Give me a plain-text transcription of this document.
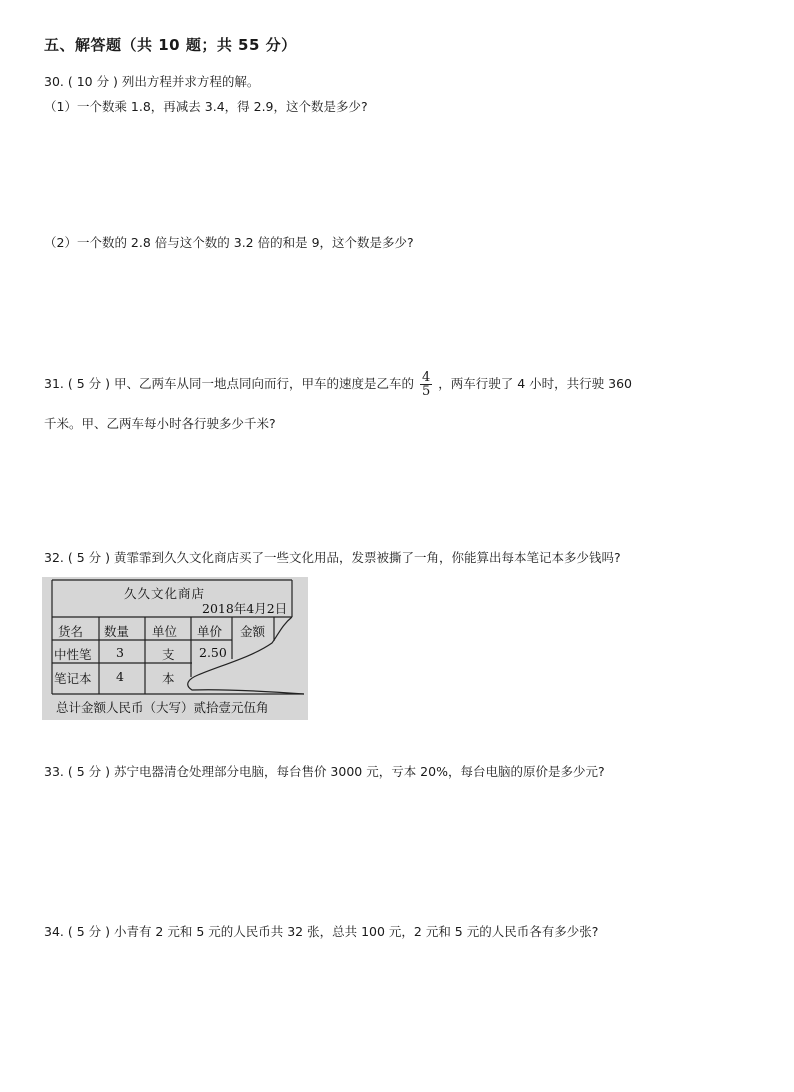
五、解答题（共 10 题；共 55 分）
30. ( 10 分 ) 列出方程并求方程的解。
（1）一个数乘 1.8，再减去 3.4，得 2.9，这个数是多少?
（2）一个数的 2.8 倍与这个数的 3.2 倍的和是 9，这个数是多少?
31. ( 5 分 ) 甲、乙两车从同一地点同向而行，甲车的速度是乙车的 $\frac{4}{5}$ ，两车行驶了 4 小时，共行驶 360
千米。甲、乙两车每小时各行驶多少千米?
32. ( 5 分 ) 黄霏霏到久久文化商店买了一些文化用品，发票被撕了一角，你能算出每本笔记本多少钱吗?
久久文化商店
2018年4月2日
货名 数量 单位 单价 金额
中性笔 3	支 2.50
笔记本 4	本
总计金额人民币（大写）贰拾壹元伍角
33. ( 5 分 ) 苏宁电器清仓处理部分电脑，每台售价 3000 元，亏本 20%，每台电脑的原价是多少元?
34. ( 5 分 ) 小青有 2 元和 5 元的人民币共 32 张，总共 100 元，2 元和 5 元的人民币各有多少张?
